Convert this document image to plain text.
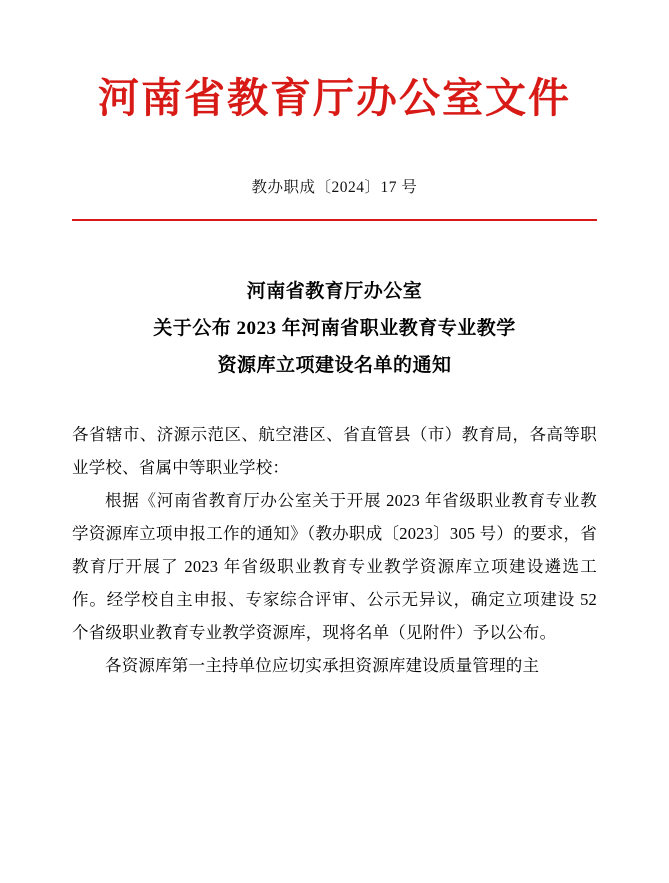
河南省教育厅办公室文件
教办职成〔2024〕17 号
河南省教育厅办公室
关于公布 2023 年河南省职业教育专业教学
资源库立项建设名单的通知

各省辖市、济源示范区、航空港区、省直管县（市）教育局，各高等职业学校、省属中等职业学校：

根据《河南省教育厅办公室关于开展 2023 年省级职业教育专业教学资源库立项申报工作的通知》（教办职成〔2023〕305 号）的要求，省教育厅开展了 2023 年省级职业教育专业教学资源库立项建设遴选工作。经学校自主申报、专家综合评审、公示无异议，确定立项建设 52 个省级职业教育专业教学资源库，现将名单（见附件）予以公布。

各资源库第一主持单位应切实承担资源库建设质量管理的主
